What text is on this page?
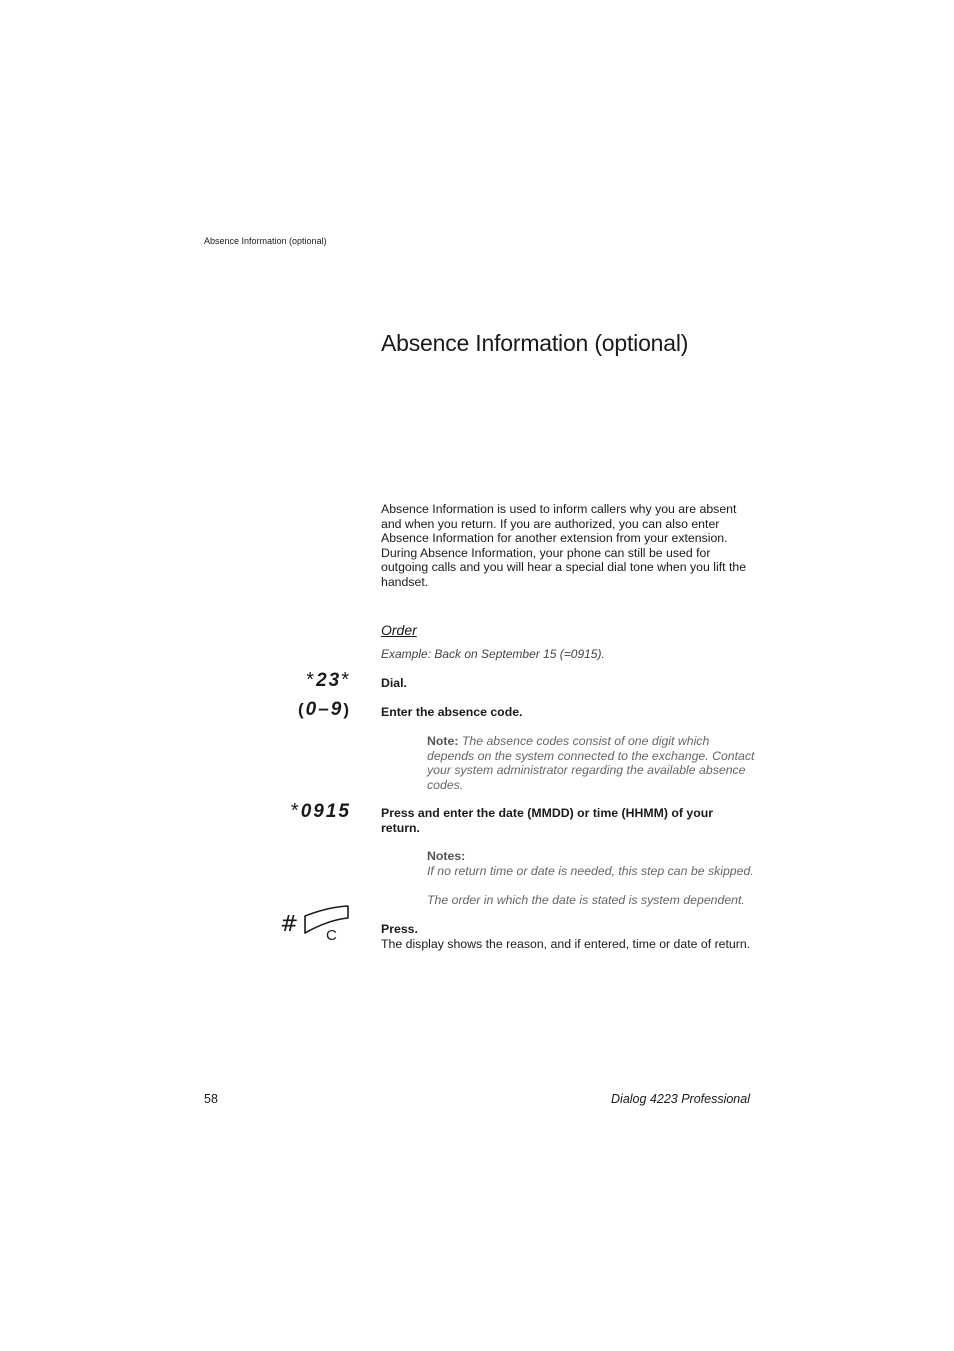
Absence Information (optional)
Absence Information (optional)

Absence Information is used to inform callers why you are absent and when you return. If you are authorized, you can also enter Absence Information for another extension from your extension. During Absence Information, your phone can still be used for outgoing calls and you will hear a special dial tone when you lift the handset.

Order
Example: Back on September 15 (=0915).
*23* Dial.
(0–9) Enter the absence code.
Note: The absence codes consist of one digit which depends on the system connected to the exchange. Contact your system administrator regarding the available absence codes.
*0915 Press and enter the date (MMDD) or time (HHMM) of your return.
Notes:
If no return time or date is needed, this step can be skipped.
The order in which the date is stated is system dependent.
# C	Press.
The display shows the reason, and if entered, time or date of return.
58	Dialog 4223 Professional
